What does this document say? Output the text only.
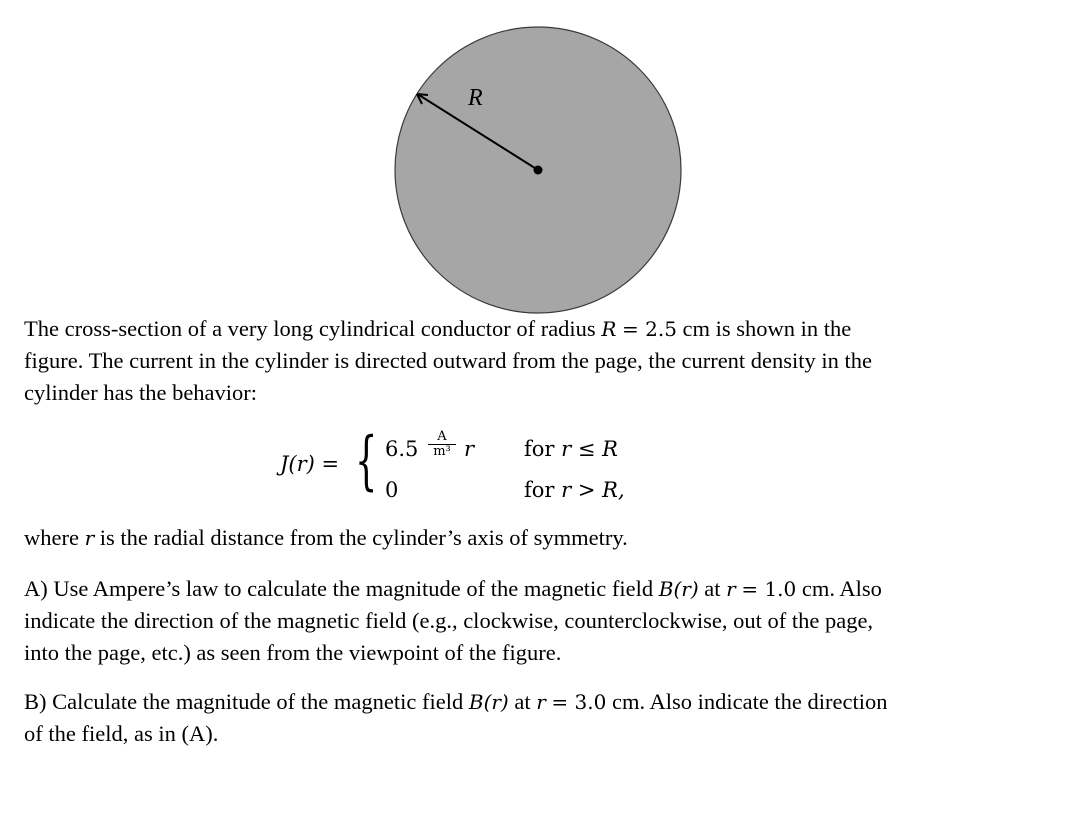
R

The cross-section of a very long cylindrical conductor of radius R = 2.5 cm is shown in the
figure. The current in the cylinder is directed outward from the page, the current density in the
cylinder has the behavior:

J(r) = { $6.5 \frac{A}{\text{m³}}$ r
0
for r ≤ R
for r > R,

where r is the radial distance from the cylinder’s axis of symmetry.

A) Use Ampere’s law to calculate the magnitude of the magnetic field B(r) at r = 1.0 cm. Also
indicate the direction of the magnetic field (e.g., clockwise, counterclockwise, out of the page,
into the page, etc.) as seen from the viewpoint of the figure.

B) Calculate the magnitude of the magnetic field B(r) at r = 3.0 cm. Also indicate the direction
of the field, as in (A).
